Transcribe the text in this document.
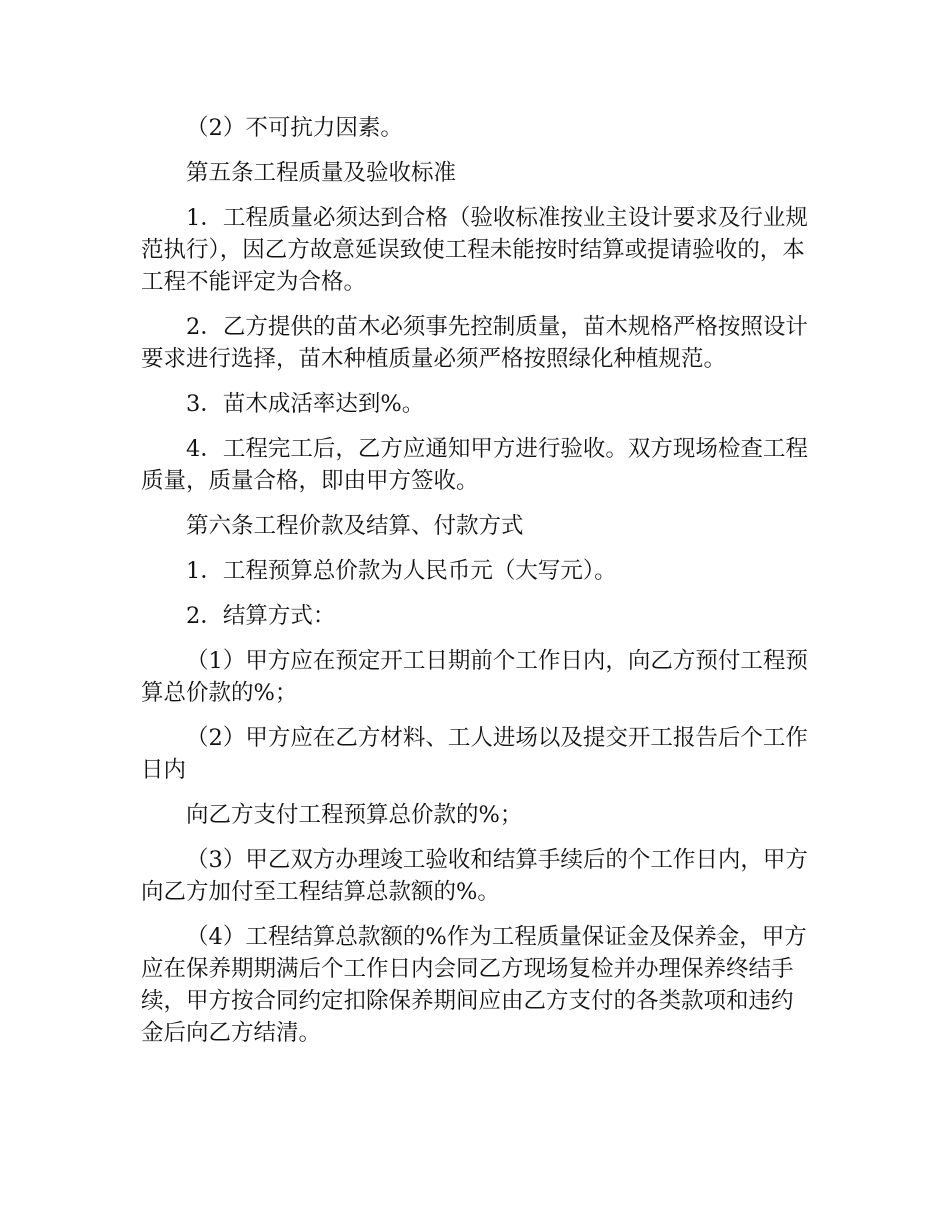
（2）不可抗力因素。

第五条工程质量及验收标准

1．工程质量必须达到合格（验收标准按业主设计要求及行业规范执行），因乙方故意延误致使工程未能按时结算或提请验收的，本工程不能评定为合格。

2．乙方提供的苗木必须事先控制质量，苗木规格严格按照设计要求进行选择，苗木种植质量必须严格按照绿化种植规范。

3．苗木成活率达到%。

4．工程完工后，乙方应通知甲方进行验收。双方现场检查工程质量，质量合格，即由甲方签收。

第六条工程价款及结算、付款方式

1．工程预算总价款为人民币元（大写元）。

2．结算方式：

（1）甲方应在预定开工日期前个工作日内，向乙方预付工程预算总价款的%；

（2）甲方应在乙方材料、工人进场以及提交开工报告后个工作日内

向乙方支付工程预算总价款的%；

（3）甲乙双方办理竣工验收和结算手续后的个工作日内，甲方向乙方加付至工程结算总款额的%。

（4）工程结算总款额的%作为工程质量保证金及保养金，甲方应在保养期期满后个工作日内会同乙方现场复检并办理保养终结手续，甲方按合同约定扣除保养期间应由乙方支付的各类款项和违约金后向乙方结清。
